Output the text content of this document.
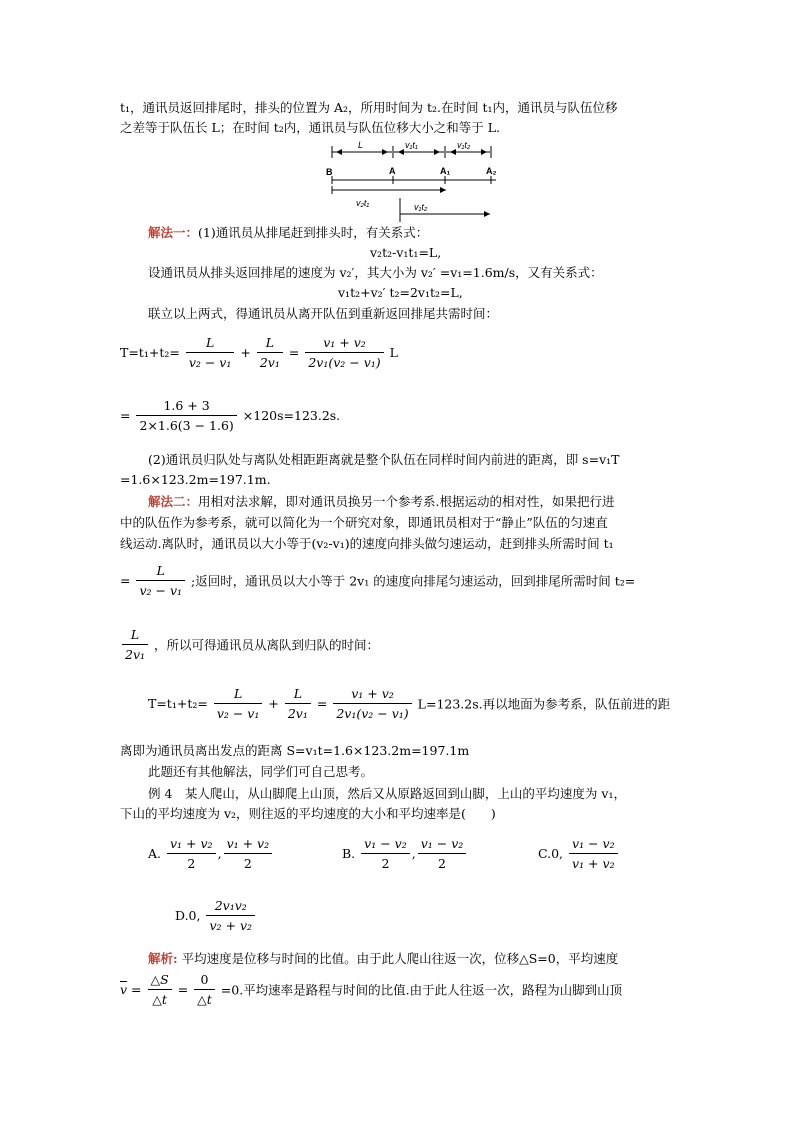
t₁，通讯员返回排尾时，排头的位置为 A₂，所用时间为 t₂.在时间 t₁内，通讯员与队伍位移
之差等于队伍长 L；在时间 t₂内，通讯员与队伍位移大小之和等于 L.
L	v₁t₁	v₁t₂
v₂t₁	v₁t₂
B	A	A₁	A₂
解法一：(1)通讯员从排尾赶到排头时，有关系式：
v₂t₂-v₁t₁=L,
设通讯员从排头返回排尾的速度为 v₂′，其大小为 v₂′ =v₁=1.6m/s，又有关系式：
v₁t₂+v₂′ t₂=2v₁t₂=L,
联立以上两式，得通讯员从离开队伍到重新返回排尾共需时间：
$T=t_1+t_2= \frac{L}{\text{v₂ − v₁}} + \frac{L}{\text{2v₁}} = \frac{\text{v₁ + v₂}}{\text{2v₁(v₂ − v₁)}}$ L
= $\frac{1.6 + 3}{2\times 1.6(3 - 1.6)} \times 120s=123.2s$.
(2)通讯员归队处与离队处相距距离就是整个队伍在同样时间内前进的距离，即 s=v₁T
=1.6×123.2m=197.1m.
解法二：用相对法求解，即对通讯员换另一个参考系.根据运动的相对性，如果把行进
中的队伍作为参考系，就可以简化为一个研究对象，即通讯员相对于“静止”队伍的匀速直
线运动.离队时，通讯员以大小等于(v₂-v₁)的速度向排头做匀速运动，赶到排头所需时间 t₁
= $\frac{L}{\text{v₂ − v₁}}$ ;返回时，通讯员以大小等于 2v₁ 的速度向排尾匀速运动，回到排尾所需时间 t₂=
$\frac{L}{\text{2v₁}}$ ，所以可得通讯员从离队到归队的时间：
$T=t_1+t_2= \frac{L}{\text{v₂ − v₁}} + \frac{L}{\text{2v₁}} = \frac{\text{v₁ + v₂}}{\text{2v₁(v₂ − v₁)}} L=123.2s$.再以地面为参考系，队伍前进的距
离即为通讯员离出发点的距离 S=v₁t=1.6×123.2m=197.1m
此题还有其他解法，同学们可自己思考。
例 4　某人爬山，从山脚爬上山顶，然后又从原路返回到山脚，上山的平均速度为 v₁，
下山的平均速度为 v₂，则往返的平均速度的大小和平均速率是(　　)
A. $\frac{\text{v₁ + v₂}}{2}$ , $\frac{\text{v₁ + v₂}}{2}$	B. $\frac{\text{v₁ − v₂}}{2}$ , $\frac{\text{v₁ − v₂}}{2}$	C.0, $\frac{\text{v₁ − v₂}}{\text{v₁ + v₂}}$
D.0, $\frac{\text{2v₁v₂}}{\text{v₂ + v₂}}$
解析: 平均速度是位移与时间的比值。由于此人爬山往返一次，位移△S=0，平均速度
$\overline{v} = \frac{\triangle S}{\triangle t} = \frac{0}{\triangle t} =0$.平均速率是路程与时间的比值.由于此人往返一次，路程为山脚到山顶
